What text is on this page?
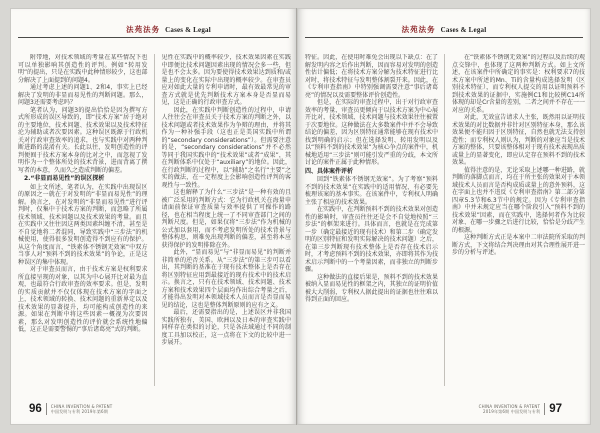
法苑法务 Cases & Legal

附带地，对技术领域的考量在某些情况下也可以单独影响其创造性的评判。例如“转用发明”的提出，只是在实践中此种情形较少，这也部分解决了上面提到的问题4。

通过考虑上述的问题1、2和4，事实上已经解决了发明的非显而易见性的判断问题。那么，问题3还需要考虑吗？

笔者认为，问题3的提出恰恰是因为撰写方式所形成的误区导致的，即“技术方案”居于绝对的主要地位，技术问题、技术效果以及技术特征沦为辅助或者次要因素。这种误区既源于行政机关对行政审查效率的追求，也与实践中对两种判断进路的混淆有关。长此以往，发明创造性的评判便囿于技术方案本身的比对之中，而忽视了发明作为一个整体所处的技术背景，进而背离了撰写者的本意，久而久之造成判断的偏差。

2.“非显而易见性”的误区探析

如上文所述，笔者认为，在实践中出现误区的原因之一就在于对发明的“非显而易见性”的理解。换言之，在对发明的“非显而易见性”进行评判时，仅集中于技术方案的判断，而忽略了所属技术领域、技术问题以及技术效果的考量。而且在实践中又往往因这两类因素纠缠不清，甚至是不自觉地将二者混同，导致实践中“三步法”的机械使用，使得很多发明创造得不到应有的保护。从这个角度而言，“铁素体不锈钢无效案”中双方当事人对“预料不到的技术效果”的争论，正是这种误区的集中体现。

对于审查员而言，由于技术方案是权利要求所直接呈现的对象，以其为中心展开比对最为直观，也最符合行政审查的效率要求。但是，发明的实质贡献并不仅仅体现在技术方案的字面之上，技术领域的转换、技术问题的重新界定以及技术效果的显著提升，均可能构成创造性的来源。如果在判断中将这些因素一概视为次要因素，那么对发明创造性的评价就会系统性地偏低，这正是需要警惕的“事后诸葛亮”式的判断。

见性在实践中的概率较少，技术效果因素在实践中即便比技术问题因素出现的情况会多一些，但是也不会太多。因为要使得技术效果达到质和/或量上的变化在实际中出现的概率较少。在审查员应对如此大量的专利申请时，最有效最常见的审查方式就是优先判断技术方案本身是否显而易见，这是正确的行政审查方式。

因此，在实践中判断创造性的过程中，申请人往往会在审查员关于技术方案的判断之外，以技术问题或者技术效果作为争辩的理由，并将其作为一种补强手段（这也正是美国实践中所谓的“secondary considerations”）。但需要注意的是，“secondary considerations”并不必然等同于我国实践中的“技术效果”或者“成果”，其在判断体系中仅处于“auxiliary”的地位。因此，在行政判断的过程中，以“辅助”之名行“主要”之实的做法，在一定程度上会影响创造性评判的客观性与一致性。

这也解释了为什么“三步法”是一种有效的且被广泛采用的判断方式：它为行政机关在海量申请面前保证审查质量与效率提供了可操作的路径，也在相当程度上统一了不同审查部门之间的判断尺度。但是，如果仅将“三步法”作为机械的公式加以套用，而不考虑发明所处的技术背景与整体构思，则难免出现判断的偏差，甚至将本应获得保护的发明排除在外。

此外，“显而易见”与“非显而易见”的判断并非简单的逆否关系。从“三步法”的第三步可以看出，其判断的基准在于现有技术整体上是否存在将区别特征应用到最接近的现有技术中的技术启示。换言之，只有在技术领域、技术问题、技术方案和技术效果四个层面均作出综合考量之后，才能得出发明对本领域技术人员而言是否显而易见的结论，这也是整体判断原则的应有之义。

最后，还需要指出的是，上述误区并非我国实践所独有，美国、欧洲以及日本的审查实践中同样存在类似的讨论，只是各法域通过不同的制度工具加以校正，这一点将在下文的比较中进一步展开。

96 CHINA INVENTION & PATENT
中国发明与专利 2019年第6期
法苑法务 Cases & Legal

特征。因此，在使用时难免会出现以下缺点：在了解发明内容之后作出判断，因而容易对发明的创造性估计偏低；在将技术方案分解为技术特征进行比对时，将技术特征与发明整体割裂开来。因此，在《专利审查指南》中特别强调需要注意“事后诸葛亮”的情况以及需要整体评价创造性。

但是，在实际的审查过程中，出于对行政审查效率的考量，审查员更倾向于以技术方案为中心展开比对，技术领域、技术问题与技术效果往往被置于次要地位。这种做法在大多数案件中并不会导致结论的偏差，因为区别特征通常能够在现有技术中找到明确的启示；但在选择发明、转用发明以及以“预料不到的技术效果”为核心争点的案件中，机械地适用“三步法”则可能引发严重的分歧，本文所讨论的案件正属于此种情形。

四、具体案件评析

回到“铁素体不锈钢无效案”。为了考察“预料不到的技术效果”在实践中的适用情况，有必要先梳理该案的基本事实。在该案件中，专利权人明确主张了相应的技术效果。

在实践中，在判断预料不到的技术效果对创造性的影响时，审查员往往还是会不自觉地按照“三步法”的框架来进行。具体而言，也就是在完成第一步（确定最接近的现有技术）和第二步（确定发明的区别特征和发明实际解决的技术问题）之后，在第三步判断现有技术整体上是否存在技术启示时，才考虑预料不到的技术效果，亦即将其作为技术启示判断中的一个考量因素，而非独立的判断步骤。

这种做法的直接后果是，预料不到的技术效果被纳入显而易见性的框架之内，其独立的证明价值被大大削弱，专利权人据此提出的证据也往往难以得到正面的回应。

在“铁素体不锈钢无效案”的过程以及后续的观点交锋中，也体现了这两种判断方式。如上文所述，在该案件中所确定的事实是：权利要求7的技术方案中所述的Mn、Ti的含量构成选择发明（区别技术特征），而专利权人提交的用以证明预料不到技术效果的证据中，实施例C1和比较例C14所体现的却是Cr含量的差别，二者之间并不存在一一对应的关系。

对此，无效宣告请求人主张，既然用以证明技术效果的对比数据并非针对区别特征本身，那么该效果便不能归因于区别特征，自然也就无法支持创造性；而专利权人则认为，判断的对象应当是技术方案的整体，只要该整体相对于现有技术表现出质或量上的显著变化，即应认定存在预料不到的技术效果。

值得注意的是，无论采取上述哪一种进路，就判断的落脚点而言，均在于所主张的效果对于本领域技术人员而言是否构成质或量上的意外预料，这在字面上也并不违反《专利审查指南》第二部分第四章5.3节和6.3节中的规定。因为《专利审查指南》中并未规定应当在哪个阶段引入“预料不到的技术效果”因素，而在实践中，选择何者作为比较对象、在哪一步骤之后进行比较，恰恰是分歧产生的根源。

这种判断方式正是本案中二审法院所采取的判断方式，下文将结合判决理由对其合理性展开进一步的分析与评述。

CHINA INVENTION & PATENT
2019年第6期 中国发明与专利 97
